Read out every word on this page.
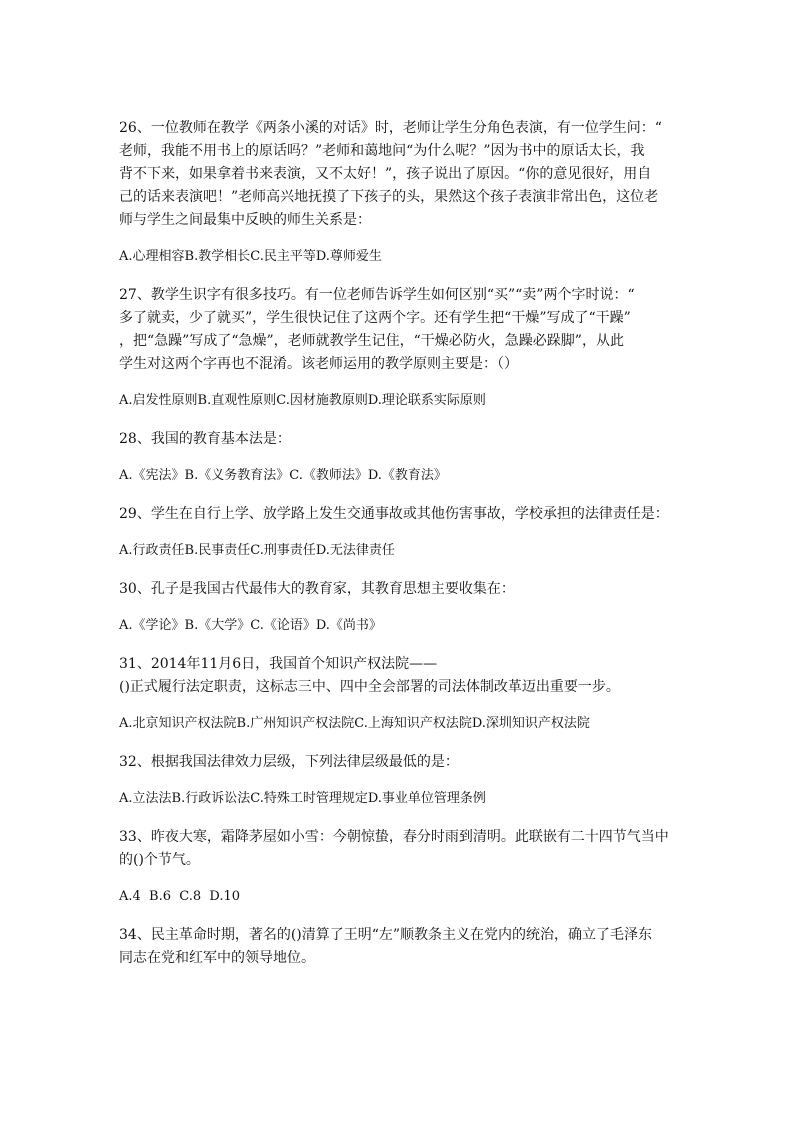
26、一位教师在教学《两条小溪的对话》时，老师让学生分角色表演，有一位学生问：“

老师，我能不用书上的原话吗？”老师和蔼地问“为什么呢？”因为书中的原话太长，我

背不下来，如果拿着书来表演，又不太好！”，孩子说出了原因。“你的意见很好，用自

己的话来表演吧！”老师高兴地抚摸了下孩子的头，果然这个孩子表演非常出色，这位老

师与学生之间最集中反映的师生关系是：

A.心理相容B.教学相长C.民主平等D.尊师爱生

27、教学生识字有很多技巧。有一位老师告诉学生如何区别“买”“卖”两个字时说：“

多了就卖，少了就买”，学生很快记住了这两个字。还有学生把“干燥”写成了“干躁”

，把“急躁”写成了“急燥”，老师就教学生记住，“干燥必防火，急躁必跺脚”，从此

学生对这两个字再也不混淆。该老师运用的教学原则主要是：（）

A.启发性原则B.直观性原则C.因材施教原则D.理论联系实际原则

28、我国的教育基本法是：

A.《宪法》B.《义务教育法》C.《教师法》D.《教育法》

29、学生在自行上学、放学路上发生交通事故或其他伤害事故，学校承担的法律责任是：

A.行政责任B.民事责任C.刑事责任D.无法律责任

30、孔子是我国古代最伟大的教育家，其教育思想主要收集在：

A.《学论》B.《大学》C.《论语》D.《尚书》

31、2014年11月6日，我国首个知识产权法院——

()正式履行法定职责，这标志三中、四中全会部署的司法体制改革迈出重要一步。

A.北京知识产权法院B.广州知识产权法院C.上海知识产权法院D.深圳知识产权法院

32、根据我国法律效力层级，下列法律层级最低的是：

A.立法法B.行政诉讼法C.特殊工时管理规定D.事业单位管理条例

33、昨夜大寒，霜降茅屋如小雪：今朝惊蛰，春分时雨到清明。此联嵌有二十四节气当中

的()个节气。

A.4  B.6  C.8  D.10

34、民主革命时期，著名的()清算了王明“左”顺教条主义在党内的统治，确立了毛泽东

同志在党和红军中的领导地位。
